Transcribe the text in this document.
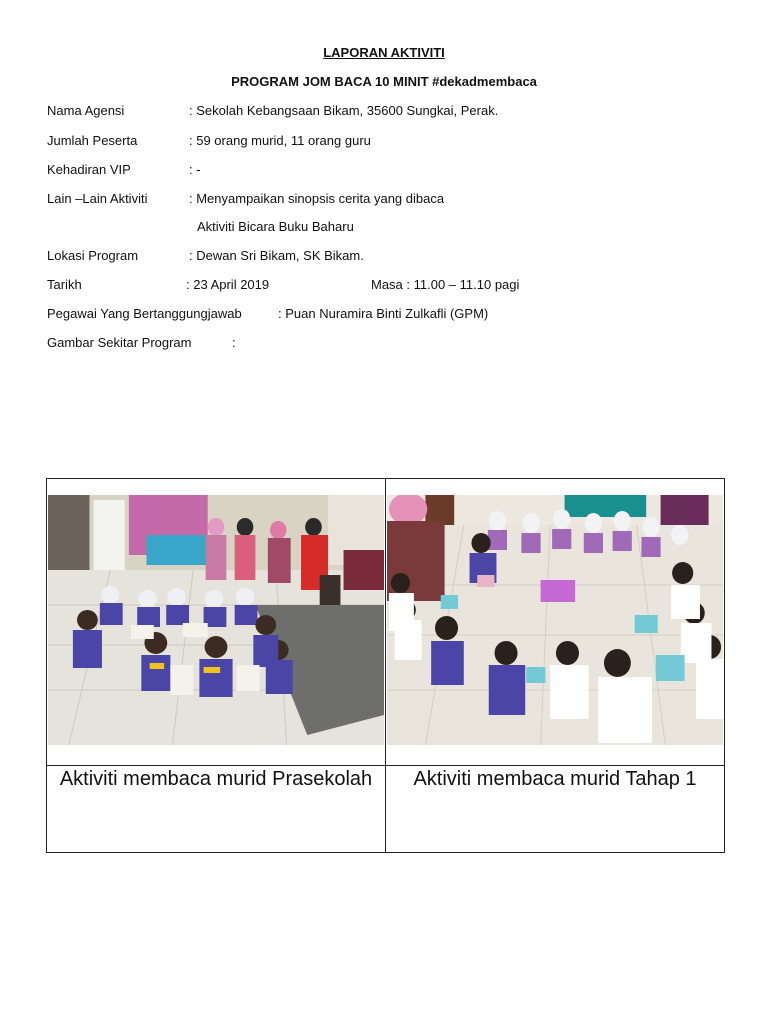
LAPORAN AKTIVITI
PROGRAM JOM BACA 10 MINIT #dekadmembaca
Nama Agensi	: Sekolah Kebangsaan Bikam, 35600 Sungkai, Perak.
Jumlah Peserta	: 59 orang murid, 11 orang guru
Kehadiran VIP	: -
Lain –Lain Aktiviti	: Menyampaikan sinopsis cerita yang dibaca
Aktiviti Bicara Buku Baharu
Lokasi Program	: Dewan Sri Bikam, SK Bikam.
Tarikh	: 23 April 2019	Masa : 11.00 – 11.10 pagi
Pegawai Yang Bertanggungjawab	: Puan Nuramira Binti Zulkafli (GPM)
Gambar Sekitar Program	:

Aktiviti membaca murid Prasekolah	Aktiviti membaca murid Tahap 1
